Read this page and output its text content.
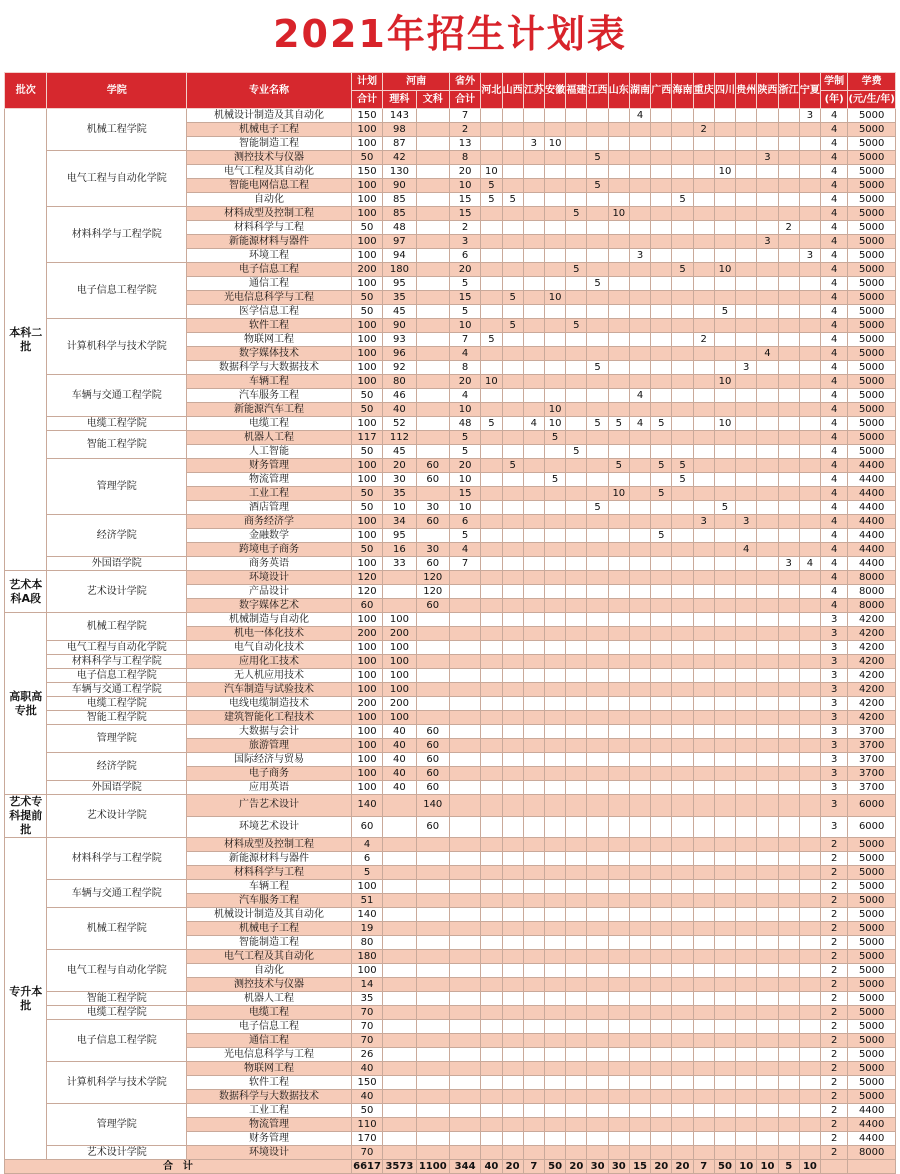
2021年招生计划表
批次	学院	专业名称	计划	河南		省外	河北	山西	江苏	安徽	福建	江西	山东	湖南	广西	海南	重庆	四川	贵州	陕西	浙江	宁夏	学制	学费
			合计	理科	文科	合计																	(年)	(元/生/年)
本科二批	机械工程学院	机械设计制造及其自动化	150	143		7								4								3	4	5000
		机械电子工程	100	98		2											2						4	5000
		智能制造工程	100	87		13			3	10													4	5000
	电气工程与自动化学院	测控技术与仪器	50	42		8						5								3			4	5000
		电气工程及其自动化	150	130		20	10											10					4	5000
		智能电网信息工程	100	90		10	5					5											4	5000
		自动化	100	85		15	5	5								5							4	5000
	材料科学与工程学院	材料成型及控制工程	100	85		15					5		10										4	5000
		材料科学与工程	50	48		2															2		4	5000
		新能源材料与器件	100	97		3														3			4	5000
		环境工程	100	94		6								3								3	4	5000
	电子信息工程学院	电子信息工程	200	180		20					5					5		10					4	5000
		通信工程	100	95		5						5											4	5000
		光电信息科学与工程	50	35		15		5		10													4	5000
		医学信息工程	50	45		5												5					4	5000
	计算机科学与技术学院	软件工程	100	90		10		5			5												4	5000
		物联网工程	100	93		7	5										2						4	5000
		数字媒体技术	100	96		4														4			4	5000
		数据科学与大数据技术	100	92		8						5							3				4	5000
	车辆与交通工程学院	车辆工程	100	80		20	10											10					4	5000
		汽车服务工程	50	46		4								4									4	5000
		新能源汽车工程	50	40		10				10													4	5000
	电缆工程学院	电缆工程	100	52		48	5		4	10		5	5	4	5			10					4	5000
	智能工程学院	机器人工程	117	112		5				5													4	5000
		人工智能	50	45		5					5												4	5000
	管理学院	财务管理	100	20	60	20		5					5		5	5							4	4400
		物流管理	100	30	60	10				5						5							4	4400
		工业工程	50	35		15							10		5								4	4400
		酒店管理	50	10	30	10						5						5					4	4400
	经济学院	商务经济学	100	34	60	6											3		3				4	4400
		金融数学	100	95		5									5								4	4400
		跨境电子商务	50	16	30	4													4				4	4400
	外国语学院	商务英语	100	33	60	7															3	4	4	4400
艺术本科A段	艺术设计学院	环境设计	120		120																		4	8000
		产品设计	120		120																		4	8000
		数字媒体艺术	60		60																		4	8000
高职高专批	机械工程学院	机械制造与自动化	100	100																			3	4200
		机电一体化技术	200	200																			3	4200
	电气工程与自动化学院	电气自动化技术	100	100																			3	4200
	材料科学与工程学院	应用化工技术	100	100																			3	4200
	电子信息工程学院	无人机应用技术	100	100																			3	4200
	车辆与交通工程学院	汽车制造与试验技术	100	100																			3	4200
	电缆工程学院	电线电缆制造技术	200	200																			3	4200
	智能工程学院	建筑智能化工程技术	100	100																			3	4200
	管理学院	大数据与会计	100	40	60																		3	3700
		旅游管理	100	40	60																		3	3700
	经济学院	国际经济与贸易	100	40	60																		3	3700
		电子商务	100	40	60																		3	3700
	外国语学院	应用英语	100	40	60																		3	3700
艺术专科提前批	艺术设计学院	广告艺术设计	140		140																		3	6000
		环境艺术设计	60		60																		3	6000
专升本批	材料科学与工程学院	材料成型及控制工程	4																				2	5000
		新能源材料与器件	6																				2	5000
		材料科学与工程	5																				2	5000
	车辆与交通工程学院	车辆工程	100																				2	5000
		汽车服务工程	51																				2	5000
	机械工程学院	机械设计制造及其自动化	140																				2	5000
		机械电子工程	19																				2	5000
		智能制造工程	80																				2	5000
	电气工程与自动化学院	电气工程及其自动化	180																				2	5000
		自动化	100																				2	5000
		测控技术与仪器	14																				2	5000
	智能工程学院	机器人工程	35																				2	5000
	电缆工程学院	电缆工程	70																				2	5000
	电子信息工程学院	电子信息工程	70																				2	5000
		通信工程	70																				2	5000
		光电信息科学与工程	26																				2	5000
	计算机科学与技术学院	物联网工程	40																				2	5000
		软件工程	150																				2	5000
		数据科学与大数据技术	40																				2	5000
	管理学院	工业工程	50																				2	4400
		物流管理	110																				2	4400
		财务管理	170																				2	4400
	艺术设计学院	环境设计	70																				2	8000
合　计			6617	3573	1100	344	40	20	7	50	20	30	30	15	20	20	7	50	10	10	5	10		
